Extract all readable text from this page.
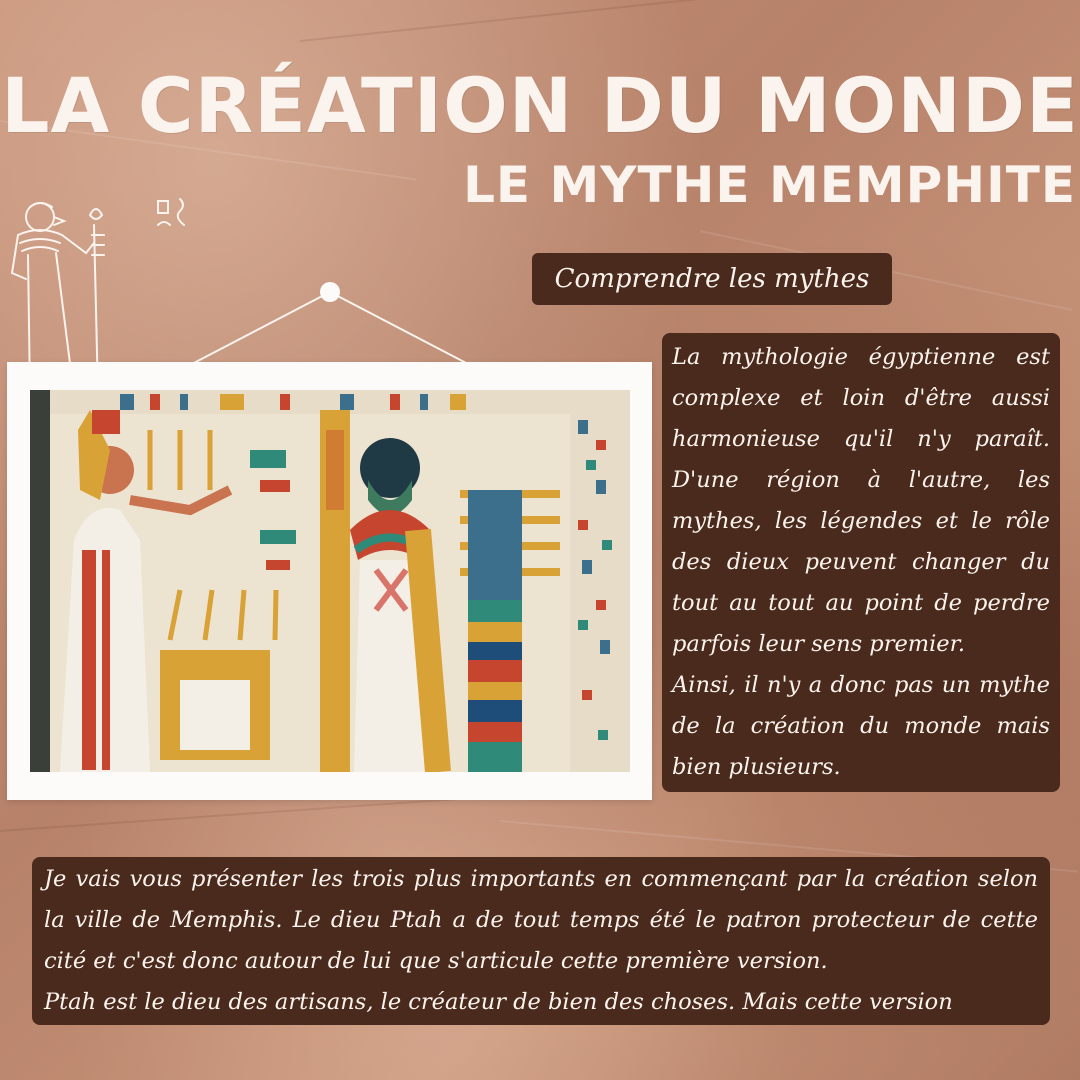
LA CRÉATION DU MONDE
LE MYTHE MEMPHITE
Comprendre les mythes

La mythologie égyptienne est complexe et loin d'être aussi harmonieuse qu'il n'y paraît. D'une région à l'autre, les mythes, les légendes et le rôle des dieux peuvent changer du tout au tout au point de perdre parfois leur sens premier.

Ainsi, il n'y a donc pas un mythe de la création du monde mais bien plusieurs.

Je vais vous présenter les trois plus importants en commençant par la création selon la ville de Memphis. Le dieu Ptah a de tout temps été le patron protecteur de cette cité et c'est donc autour de lui que s'articule cette première version.

Ptah est le dieu des artisans, le créateur de bien des choses. Mais cette version
